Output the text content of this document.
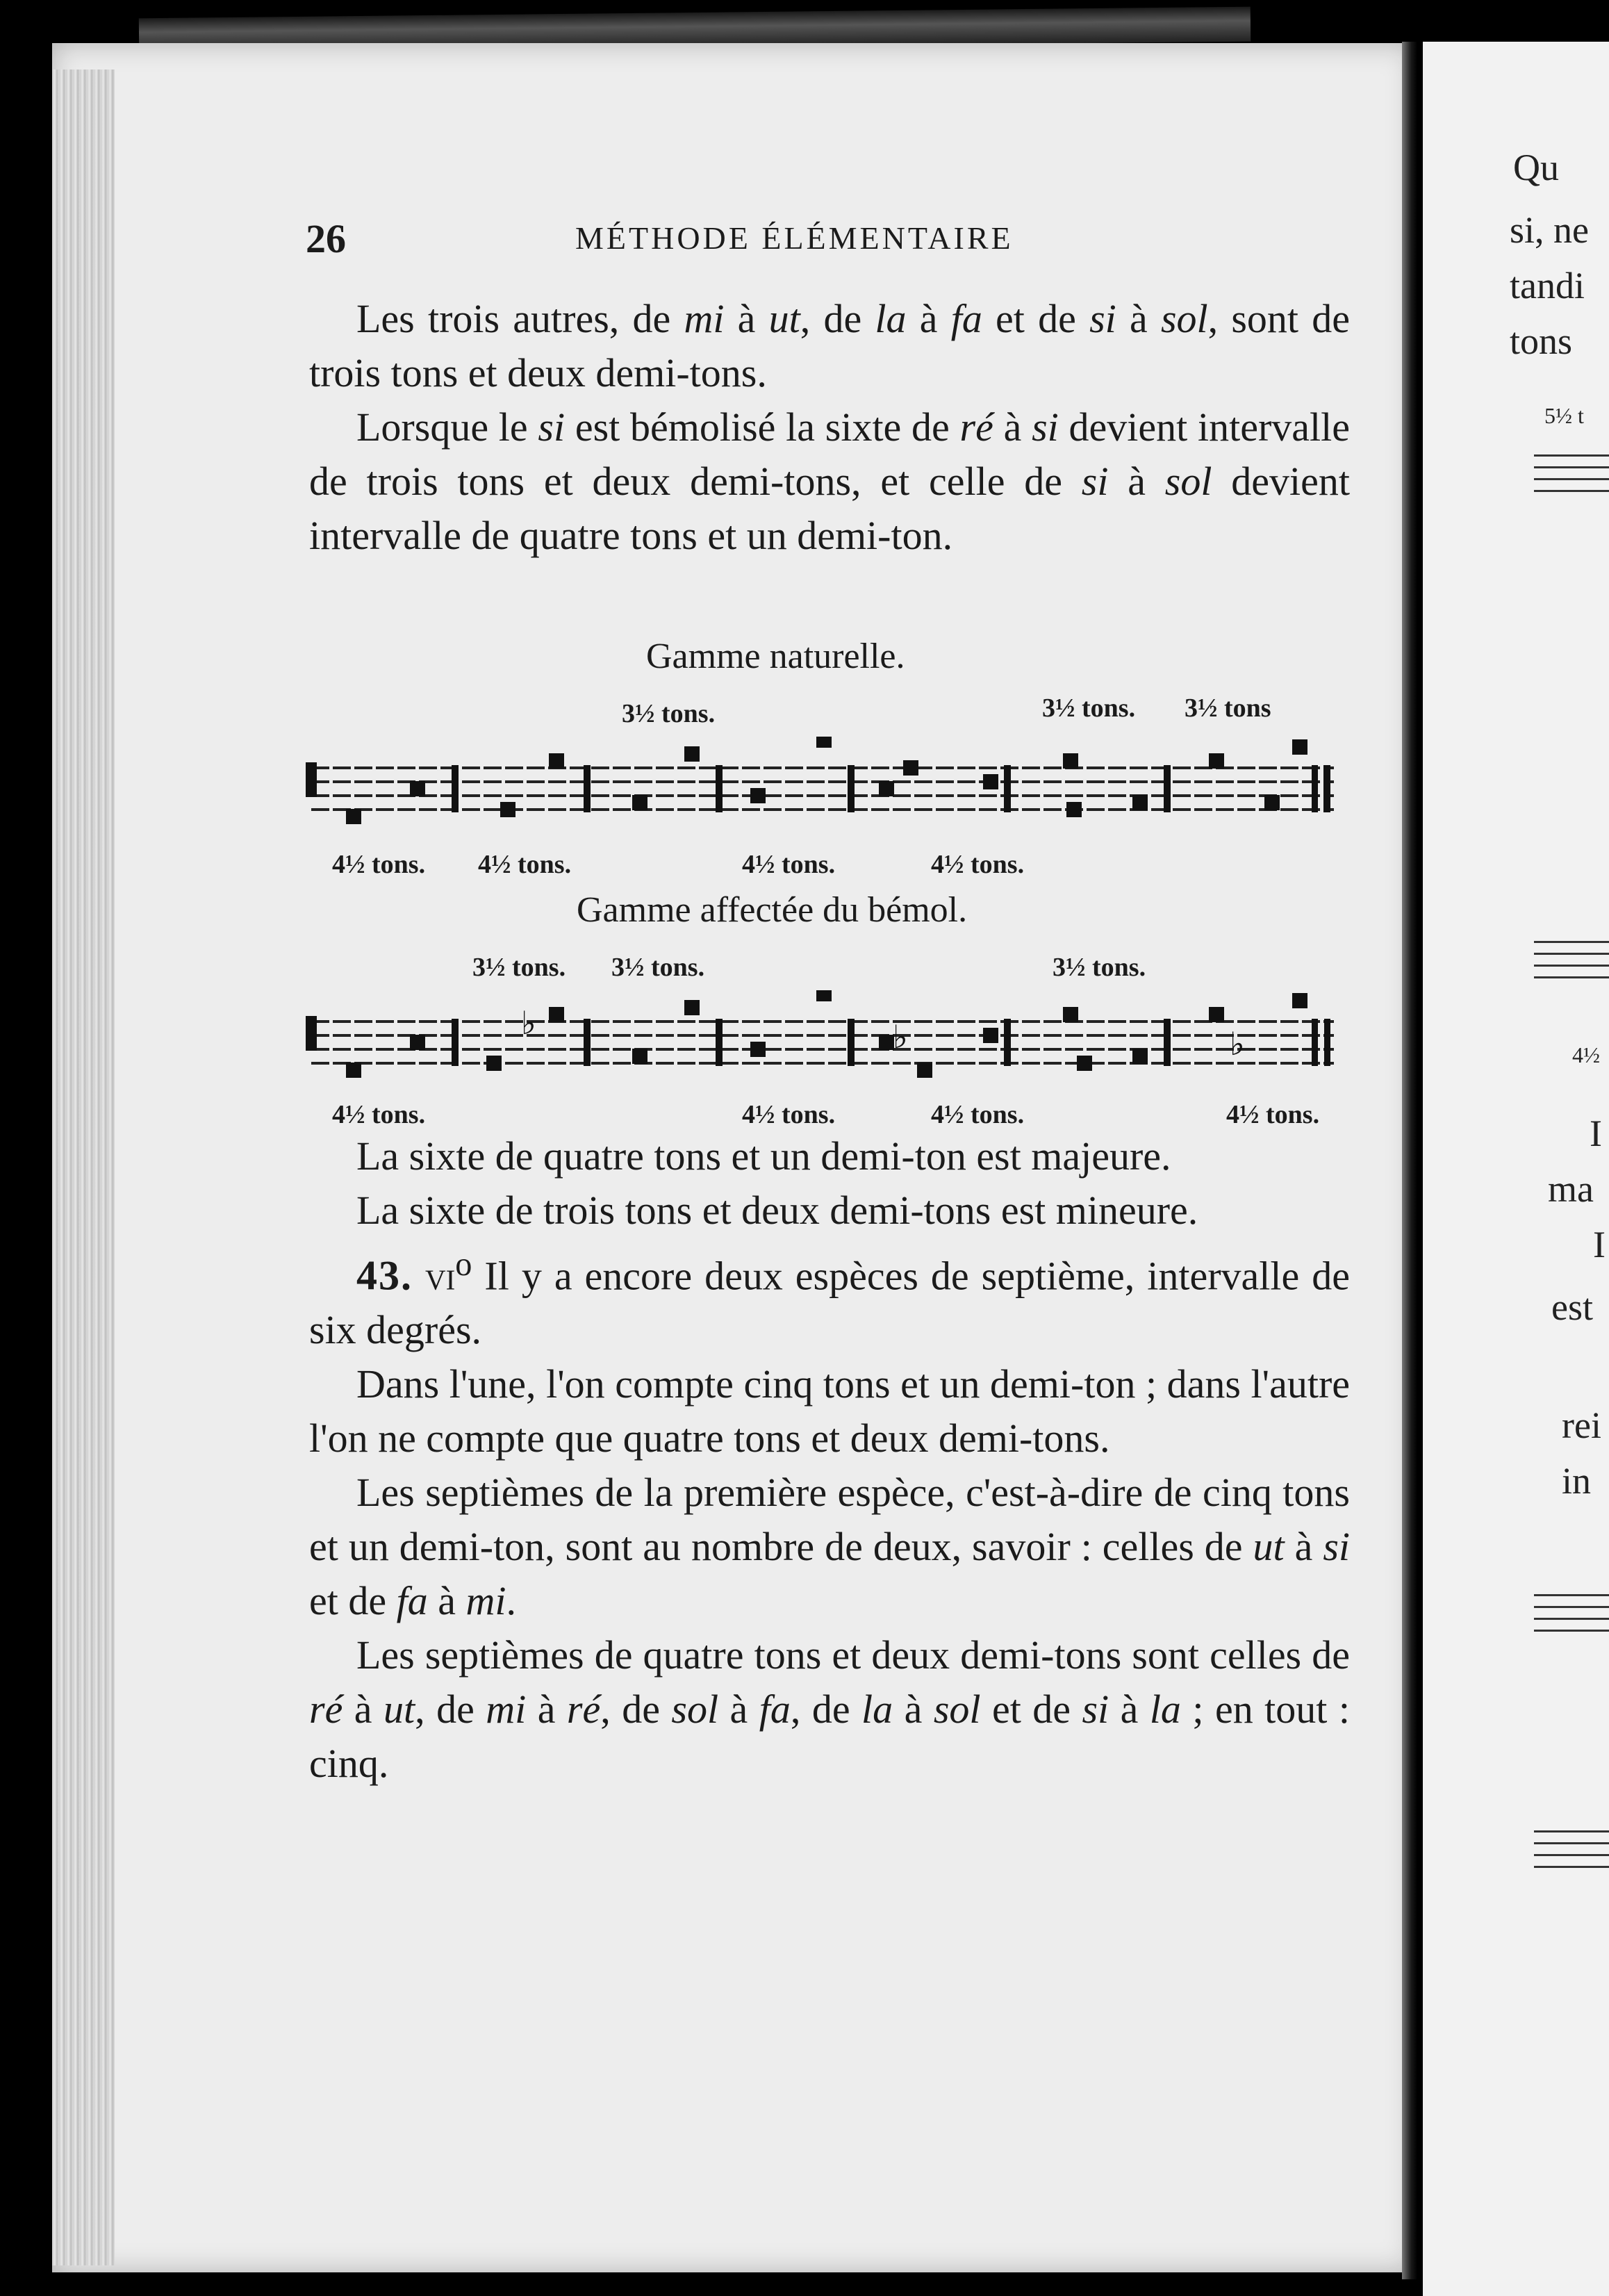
Qu
si, ne
tandi
tons
5½ t
4½
I
ma
I
est
rei
in
26	MÉTHODE ÉLÉMENTAIRE

Les trois autres, de mi à ut, de la à fa et de si à sol, sont de trois tons et deux demi-tons.

Lorsque le si est bémolisé la sixte de ré à si devient intervalle de trois tons et deux demi-tons, et celle de si à sol devient intervalle de quatre tons et un demi-ton.

Gamme naturelle.
3½ tons.	3½ tons. 3½ tons
4½ tons. 4½ tons.	4½ tons.	4½ tons.
Gamme affectée du bémol.
3½ tons. 3½ tons.	3½ tons.
♭	♭	♭
4½ tons.	4½ tons.	4½ tons.	4½ tons.

La sixte de quatre tons et un demi-ton est majeure.

La sixte de trois tons et deux demi-tons est mineure.

43. $vi^o$ Il y a encore deux espèces de septième, intervalle de six degrés.

Dans l'une, l'on compte cinq tons et un demi-ton ; dans l'autre l'on ne compte que quatre tons et deux demi-tons.

Les septièmes de la première espèce, c'est-à-dire de cinq tons et un demi-ton, sont au nombre de deux, savoir : celles de ut à si et de fa à mi.

Les septièmes de quatre tons et deux demi-tons sont celles de ré à ut, de mi à ré, de sol à fa, de la à sol et de si à la ; en tout : cinq.
